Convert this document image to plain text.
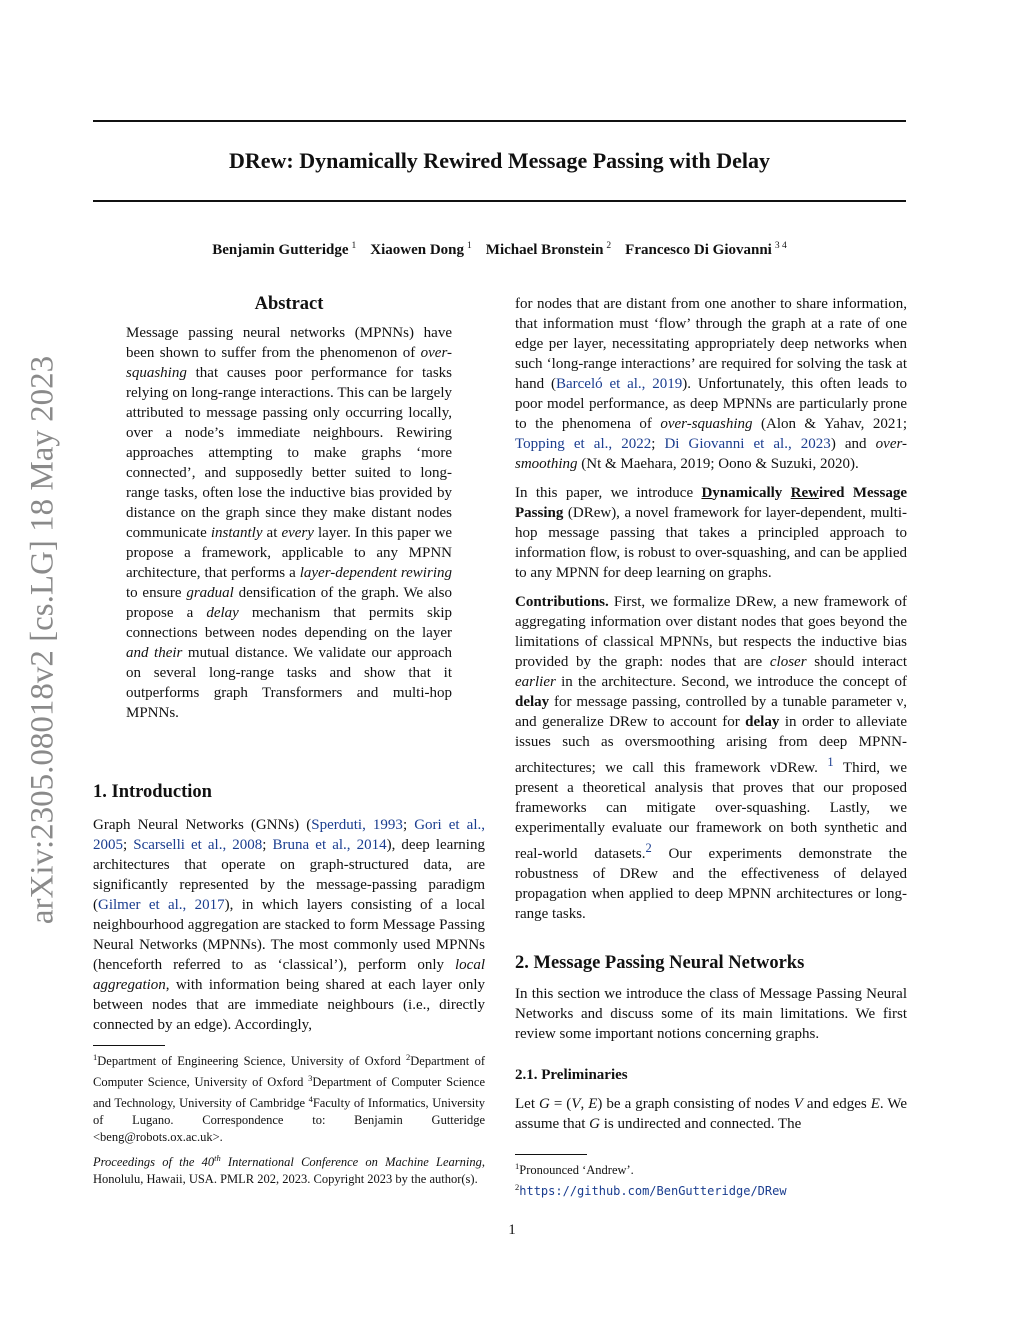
DRew: Dynamically Rewired Message Passing with Delay
Benjamin Gutteridge $^1$ Xiaowen Dong $^1$ Michael Bronstein $^2$ Francesco Di Giovanni $^{3 4}$
arXiv:2305.08018v2 [cs.LG] 18 May 2023
Abstract

Message passing neural networks (MPNNs) have been shown to suffer from the phenomenon of over-squashing that causes poor performance for tasks relying on long-range interactions. This can be largely attributed to message passing only occurring locally, over a node’s immediate neighbours. Rewiring approaches attempting to make graphs ‘more connected’, and supposedly better suited to long-range tasks, often lose the inductive bias provided by distance on the graph since they make distant nodes communicate instantly at every layer. In this paper we propose a framework, applicable to any MPNN architecture, that performs a layer-dependent rewiring to ensure gradual densification of the graph. We also propose a delay mechanism that permits skip connections between nodes depending on the layer and their mutual distance. We validate our approach on several long-range tasks and show that it outperforms graph Transformers and multi-hop MPNNs.

1. Introduction

Graph Neural Networks (GNNs) (Sperduti, 1993; Gori et al., 2005; Scarselli et al., 2008; Bruna et al., 2014), deep learning architectures that operate on graph-structured data, are significantly represented by the message-passing paradigm (Gilmer et al., 2017), in which layers consisting of a local neighbourhood aggregation are stacked to form Message Passing Neural Networks (MPNNs). The most commonly used MPNNs (henceforth referred to as ‘classical’), perform only local aggregation, with information being shared at each layer only between nodes that are immediate neighbours (i.e., directly connected by an edge). Accordingly,

for nodes that are distant from one another to share information, that information must ‘flow’ through the graph at a rate of one edge per layer, necessitating appropriately deep networks when such ‘long-range interactions’ are required for solving the task at hand (Barceló et al., 2019). Unfortunately, this often leads to poor model performance, as deep MPNNs are particularly prone to the phenomena of over-squashing (Alon & Yahav, 2021; Topping et al., 2022; Di Giovanni et al., 2023) and over-smoothing (Nt & Maehara, 2019; Oono & Suzuki, 2020).

In this paper, we introduce Dynamically Rewired Message Passing (DRew), a novel framework for layer-dependent, multi-hop message passing that takes a principled approach to information flow, is robust to over-squashing, and can be applied to any MPNN for deep learning on graphs.

Contributions. First, we formalize DRew, a new framework of aggregating information over distant nodes that goes beyond the limitations of classical MPNNs, but respects the inductive bias provided by the graph: nodes that are closer should interact earlier in the architecture. Second, we introduce the concept of delay for message passing, controlled by a tunable parameter ν, and generalize DRew to account for delay in order to alleviate issues such as oversmoothing arising from deep MPNN-architectures; we call this framework νDRew. $^1$ Third, we present a theoretical analysis that proves that our proposed frameworks can mitigate over-squashing. Lastly, we experimentally evaluate our framework on both synthetic and real-world datasets.$^2$ Our experiments demonstrate the robustness of DRew and the effectiveness of delayed propagation when applied to deep MPNN architectures or long-range tasks.

2. Message Passing Neural Networks

In this section we introduce the class of Message Passing Neural Networks and discuss some of its main limitations. We first review some important notions concerning graphs.

2.1. Preliminaries

Let G = (V, E) be a graph consisting of nodes V and edges E. We assume that G is undirected and connected. The

$^1$Department of Engineering Science, University of Oxford $^2$Department of Computer Science, University of Oxford $^3$Department of Computer Science and Technology, University of Cambridge $^4$Faculty of Informatics, University of Lugano. Correspondence to: Benjamin Gutteridge <beng@robots.ox.ac.uk>.
Proceedings of the 40th International Conference on Machine Learning, Honolulu, Hawaii, USA. PMLR 202, 2023. Copyright 2023 by the author(s).
$^1$Pronounced ‘Andrew’.
$^2$https://github.com/BenGutteridge/DRew
1
